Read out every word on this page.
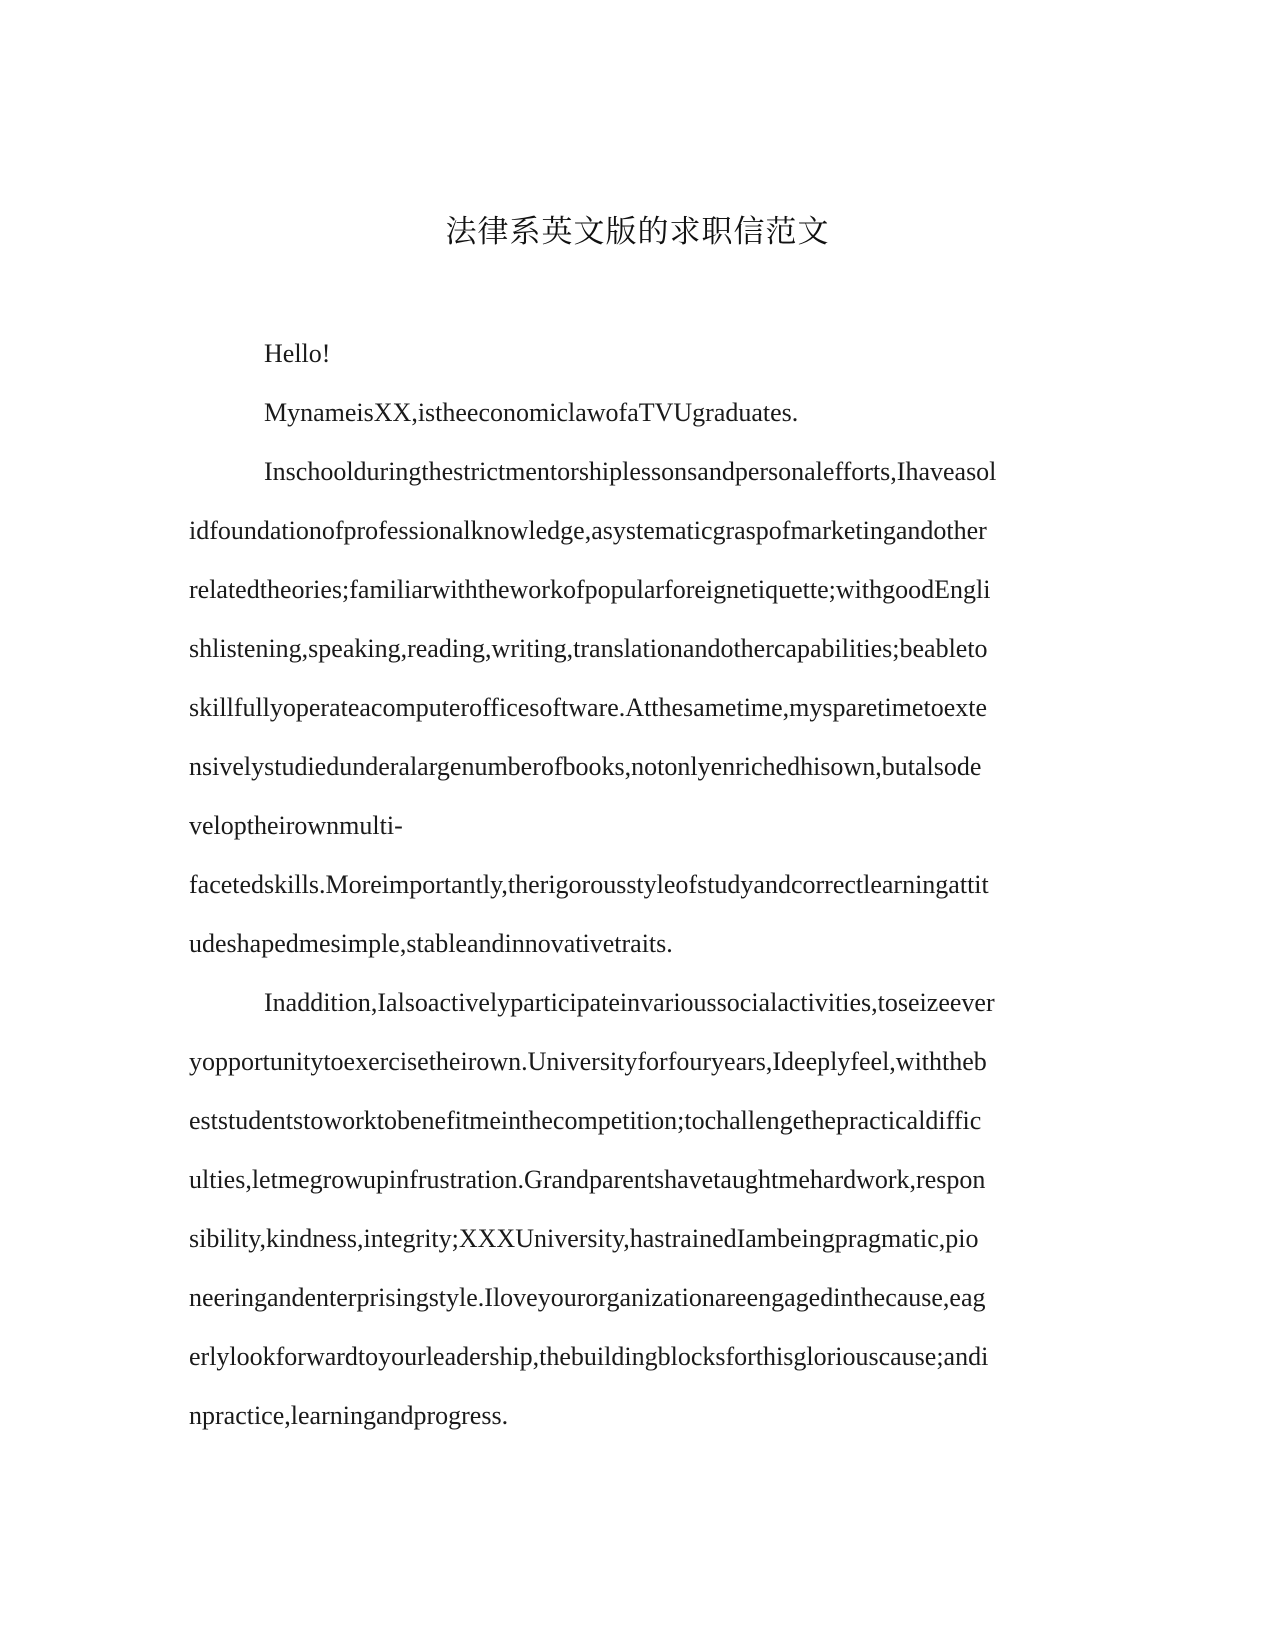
法律系英文版的求职信范文
Hello!
MynameisXX,istheeconomiclawofaTVUgraduates.
Inschoolduringthestrictmentorshiplessonsandpersonalefforts,Ihaveasol
idfoundationofprofessionalknowledge,asystematicgraspofmarketingandother
relatedtheories;familiarwiththeworkofpopularforeignetiquette;withgoodEngli
shlistening,speaking,reading,writing,translationandothercapabilities;beableto
skillfullyoperateacomputerofficesoftware.Atthesametime,mysparetimetoexte
nsivelystudiedunderalargenumberofbooks,notonlyenrichedhisown,butalsode
veloptheirownmulti-
facetedskills.Moreimportantly,therigorousstyleofstudyandcorrectlearningattit
udeshapedmesimple,stableandinnovativetraits.
Inaddition,Ialsoactivelyparticipateinvarioussocialactivities,toseizeever
yopportunitytoexercisetheirown.Universityforfouryears,Ideeplyfeel,withtheb
eststudentstoworktobenefitmeinthecompetition;tochallengethepracticaldiffic
ulties,letmegrowupinfrustration.Grandparentshavetaughtmehardwork,respon
sibility,kindness,integrity;XXXUniversity,hastrainedIambeingpragmatic,pio
neeringandenterprisingstyle.Iloveyourorganizationareengagedinthecause,eag
erlylookforwardtoyourleadership,thebuildingblocksforthisgloriouscause;andi
npractice,learningandprogress.
